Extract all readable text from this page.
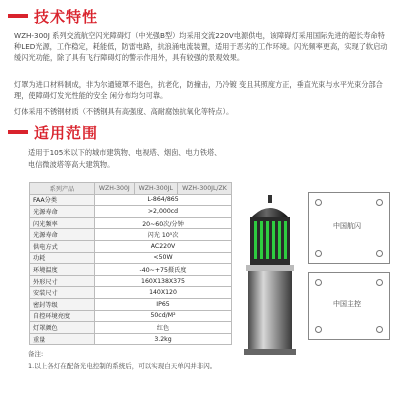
技术特性

WZH-300J 系列交流航空闪光障碍灯（中光强B型）均采用交流220V电源供电，该障碍灯采用国际先进的超长寿命特种LED光源，工作稳定，耗能低，防雷电路，抗浪涌电流装置，适用于恶劣的工作环境。闪光频率更高，实现了软启动缓闪光功能，除了具有飞行障碍灯的警示作用外，具有较强的景观效果。

灯罩为进口材料制成，非为尔通镜罩不退色，抗老化，防撞击，乃冷镀 变且其照度方正，垂直光束与水平光束分部合理，使障碍灯发光性能的安全 闲分布均匀可靠。

灯体采用不锈钢材质（不锈钢具有高强度、高耐腐蚀抗氧化等特点）。

适用范围
适用于105米以下的城市建筑物、电视塔、烟囱、电力铁塔、
电信微波塔等高大建筑物。
系列产品	WZH-300J	WZH-300JL	WZH-300JL/ZK
FAA分类	L-864/865		
光源寿命	>2,000cd		
闪光频率	20~60次/分钟		
光源寿命	闪光 10⁵次		
供电方式	AC220V		
功耗	<50W		
环境温度	-40~+75摄氏度		
外形尺寸	160X138X375		
安装尺寸	140X120		
密封等级	IP65		
自控环境亮度	50cd/M²		
灯罩颜色	红色		
重量	3.2kg		
中国航闪
中国主控
备注:
1.以上各灯在配备光电控制的系统后，可以实现白天单闪并非闪。
